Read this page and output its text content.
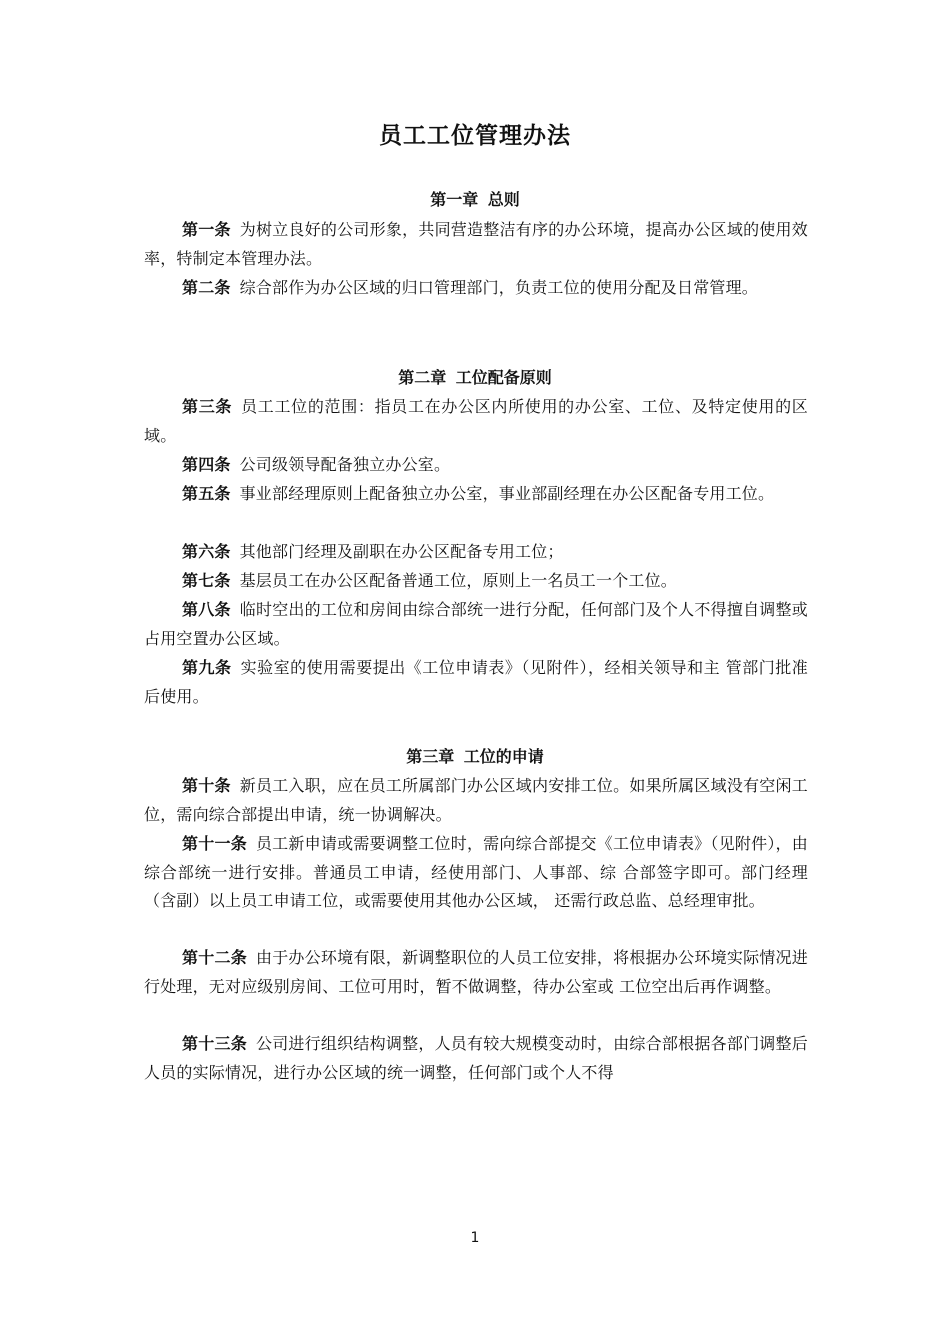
员工工位管理办法
第一章 总则
第一条 为树立良好的公司形象，共同营造整洁有序的办公环境，提高办公区域的使用效率，特制定本管理办法。
第二条 综合部作为办公区域的归口管理部门，负责工位的使用分配及日常管理。
第二章 工位配备原则
第三条 员工工位的范围：指员工在办公区内所使用的办公室、工位、及特定使用的区域。
第四条 公司级领导配备独立办公室。
第五条 事业部经理原则上配备独立办公室，事业部副经理在办公区配备专用工位。
第六条 其他部门经理及副职在办公区配备专用工位；
第七条 基层员工在办公区配备普通工位，原则上一名员工一个工位。
第八条 临时空出的工位和房间由综合部统一进行分配，任何部门及个人不得擅自调整或占用空置办公区域。
第九条 实验室的使用需要提出《工位申请表》（见附件），经相关领导和主 管部门批准后使用。
第三章 工位的申请
第十条 新员工入职，应在员工所属部门办公区域内安排工位。如果所属区域没有空闲工位，需向综合部提出申请，统一协调解决。
第十一条 员工新申请或需要调整工位时，需向综合部提交《工位申请表》（见附件），由综合部统一进行安排。普通员工申请，经使用部门、人事部、综 合部签字即可。部门经理（含副）以上员工申请工位，或需要使用其他办公区域， 还需行政总监、总经理审批。
第十二条 由于办公环境有限，新调整职位的人员工位安排，将根据办公环境实际情况进行处理，无对应级别房间、工位可用时，暂不做调整，待办公室或 工位空出后再作调整。
第十三条 公司进行组织结构调整，人员有较大规模变动时，由综合部根据各部门调整后人员的实际情况，进行办公区域的统一调整，任何部门或个人不得
1
